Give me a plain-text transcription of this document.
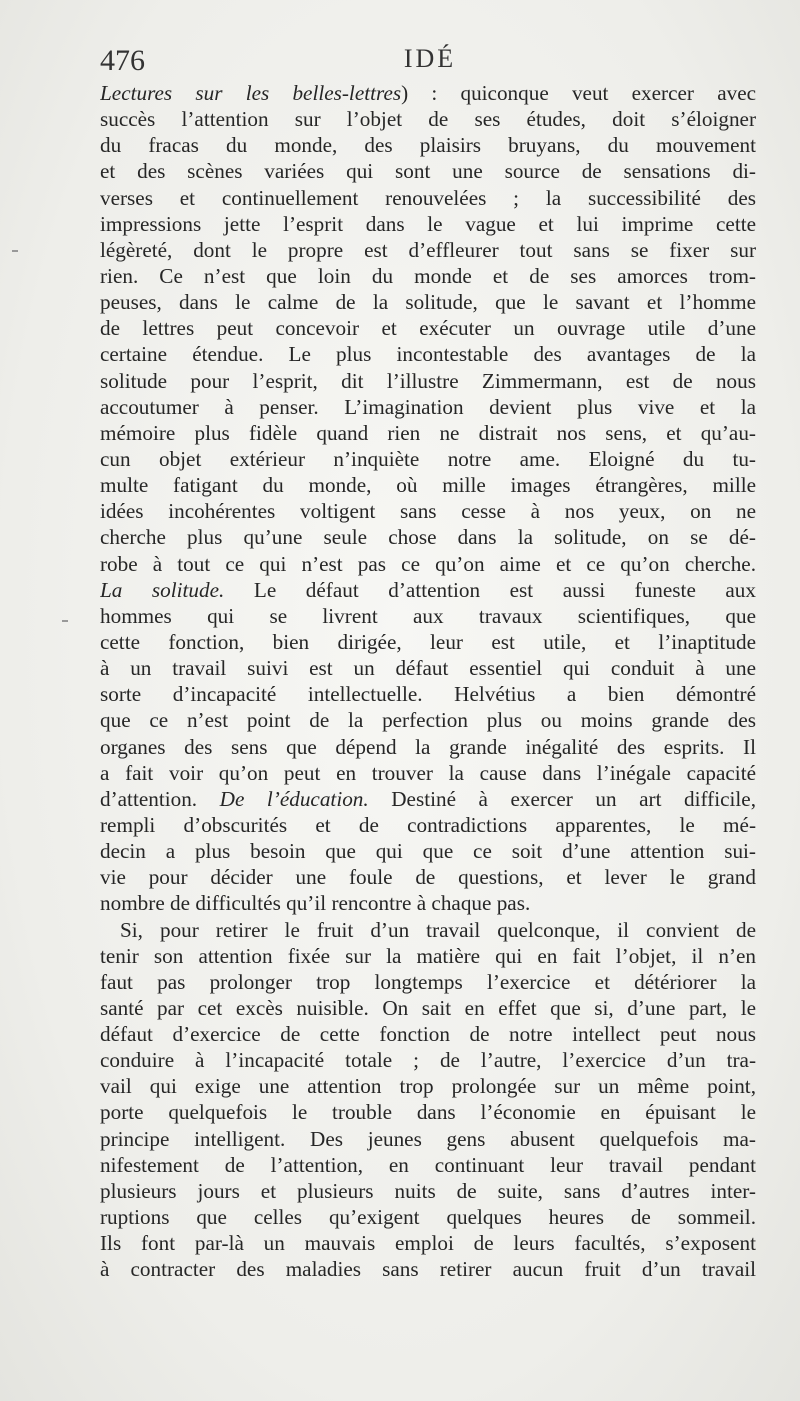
476	IDÉ
Lectures sur les belles-lettres) : quiconque veut exercer avec
succès l’attention sur l’objet de ses études, doit s’éloigner
du fracas du monde, des plaisirs bruyans, du mouvement
et des scènes variées qui sont une source de sensations di-
verses et continuellement renouvelées ; la successibilité des
impressions jette l’esprit dans le vague et lui imprime cette
légèreté, dont le propre est d’effleurer tout sans se fixer sur
rien. Ce n’est que loin du monde et de ses amorces trom-
peuses, dans le calme de la solitude, que le savant et l’homme
de lettres peut concevoir et exécuter un ouvrage utile d’une
certaine étendue. Le plus incontestable des avantages de la
solitude pour l’esprit, dit l’illustre Zimmermann, est de nous
accoutumer à penser. L’imagination devient plus vive et la
mémoire plus fidèle quand rien ne distrait nos sens, et qu’au-
cun objet extérieur n’inquiète notre ame. Eloigné du tu-
multe fatigant du monde, où mille images étrangères, mille
idées incohérentes voltigent sans cesse à nos yeux, on ne
cherche plus qu’une seule chose dans la solitude, on se dé-
robe à tout ce qui n’est pas ce qu’on aime et ce qu’on cherche.
La solitude. Le défaut d’attention est aussi funeste aux
hommes qui se livrent aux travaux scientifiques, que
cette fonction, bien dirigée, leur est utile, et l’inaptitude
à un travail suivi est un défaut essentiel qui conduit à une
sorte d’incapacité intellectuelle. Helvétius a bien démontré
que ce n’est point de la perfection plus ou moins grande des
organes des sens que dépend la grande inégalité des esprits. Il
a fait voir qu’on peut en trouver la cause dans l’inégale capacité
d’attention. De l’éducation. Destiné à exercer un art difficile,
rempli d’obscurités et de contradictions apparentes, le mé-
decin a plus besoin que qui que ce soit d’une attention sui-
vie pour décider une foule de questions, et lever le grand
nombre de difficultés qu’il rencontre à chaque pas.
Si, pour retirer le fruit d’un travail quelconque, il convient de
tenir son attention fixée sur la matière qui en fait l’objet, il n’en
faut pas prolonger trop longtemps l’exercice et détériorer la
santé par cet excès nuisible. On sait en effet que si, d’une part, le
défaut d’exercice de cette fonction de notre intellect peut nous
conduire à l’incapacité totale ; de l’autre, l’exercice d’un tra-
vail qui exige une attention trop prolongée sur un même point,
porte quelquefois le trouble dans l’économie en épuisant le
principe intelligent. Des jeunes gens abusent quelquefois ma-
nifestement de l’attention, en continuant leur travail pendant
plusieurs jours et plusieurs nuits de suite, sans d’autres inter-
ruptions que celles qu’exigent quelques heures de sommeil.
Ils font par-là un mauvais emploi de leurs facultés, s’exposent
à contracter des maladies sans retirer aucun fruit d’un travail
